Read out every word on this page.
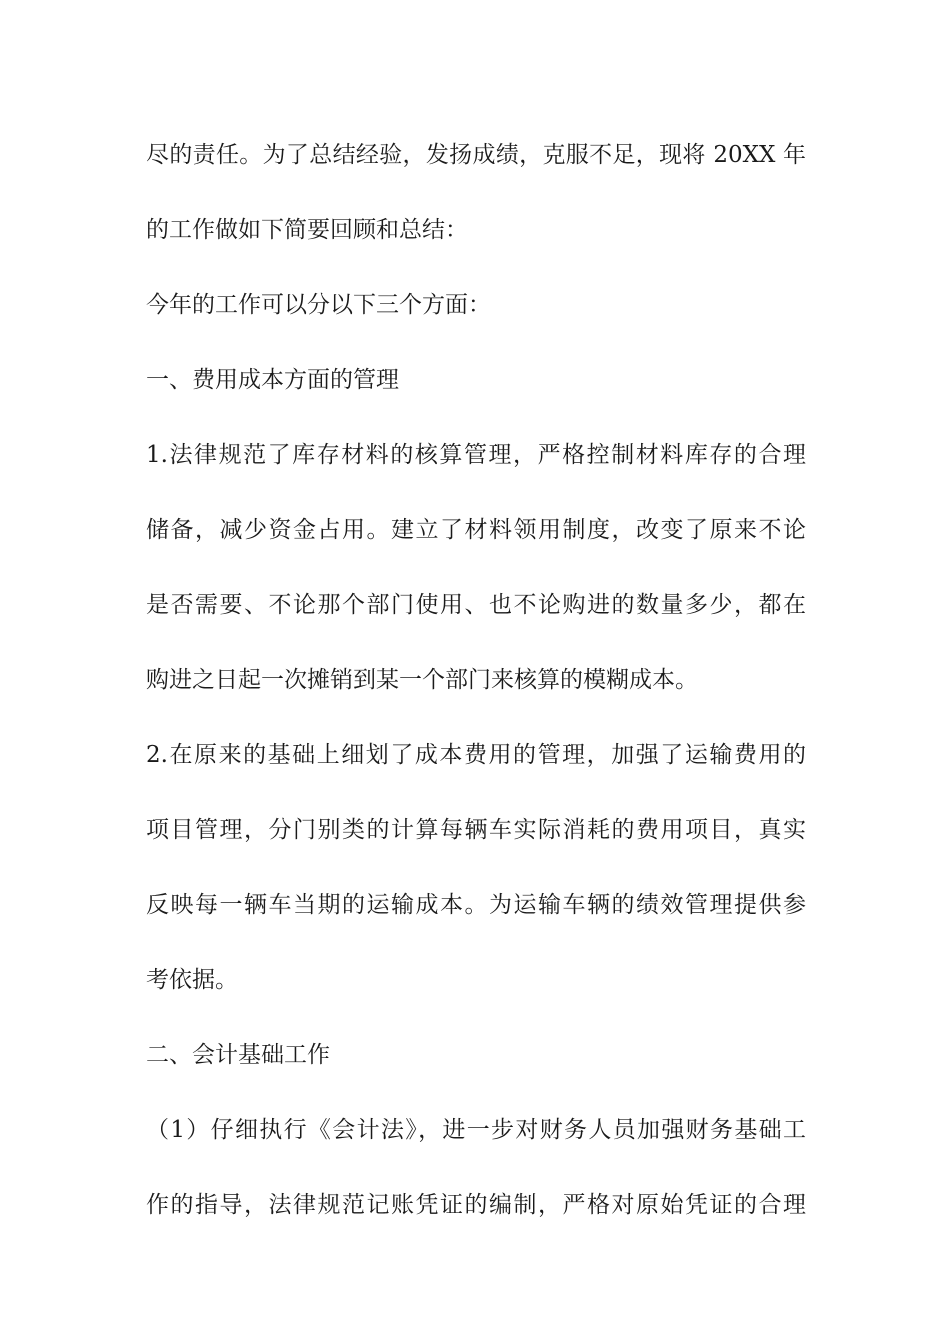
尽的责任。为了总结经验，发扬成绩，克服不足，现将 20XX 年
的工作做如下简要回顾和总结：
今年的工作可以分以下三个方面：
一、费用成本方面的管理
1.法律规范了库存材料的核算管理，严格控制材料库存的合理
储备，减少资金占用。建立了材料领用制度，改变了原来不论
是否需要、不论那个部门使用、也不论购进的数量多少，都在
购进之日起一次摊销到某一个部门来核算的模糊成本。
2.在原来的基础上细划了成本费用的管理，加强了运输费用的
项目管理，分门别类的计算每辆车实际消耗的费用项目，真实
反映每一辆车当期的运输成本。为运输车辆的绩效管理提供参
考依据。
二、会计基础工作
（1）仔细执行《会计法》，进一步对财务人员加强财务基础工
作的指导，法律规范记账凭证的编制，严格对原始凭证的合理
